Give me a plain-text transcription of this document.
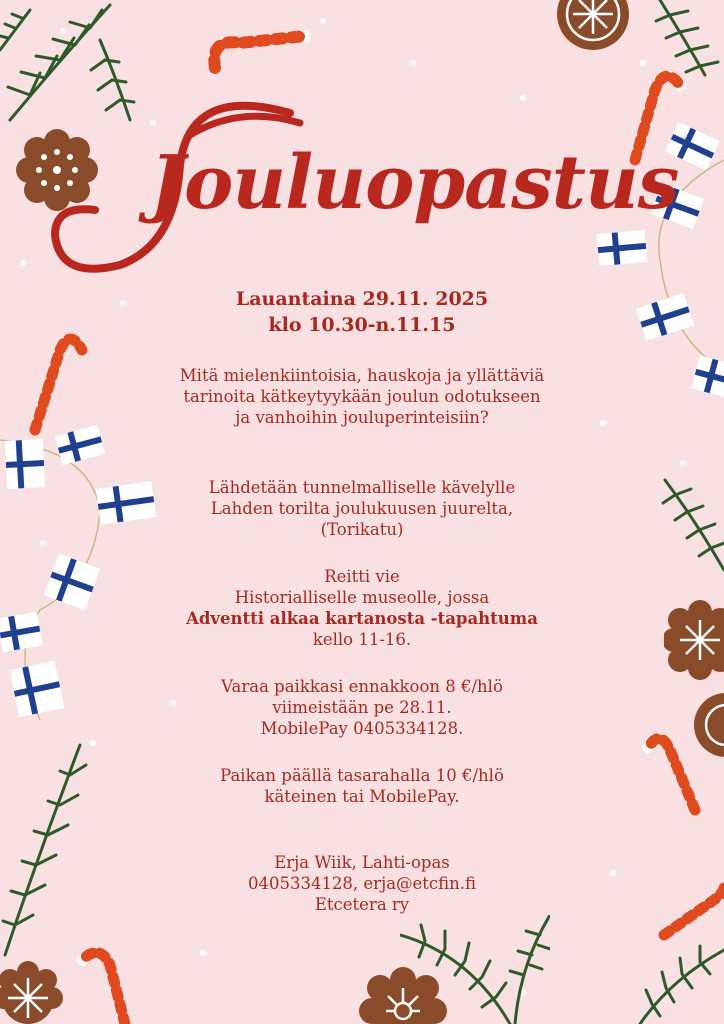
Jouluopastus
Lauantaina 29.11. 2025
klo 10.30-n.11.15
Mitä mielenkiintoisia, hauskoja ja yllättäviä
tarinoita kätkeytyykään joulun odotukseen
ja vanhoihin jouluperinteisiin?
Lähdetään tunnelmalliselle kävelylle
Lahden torilta joulukuusen juurelta,
(Torikatu)
Reitti vie
Historialliselle museolle, jossa
Adventti alkaa kartanosta -tapahtuma
kello 11-16.
Varaa paikkasi ennakkoon 8 €/hlö
viimeistään pe 28.11.
MobilePay 0405334128.
Paikan päällä tasarahalla 10 €/hlö
käteinen tai MobilePay.
Erja Wiik, Lahti-opas
0405334128, erja@etcfin.fi
Etcetera ry
